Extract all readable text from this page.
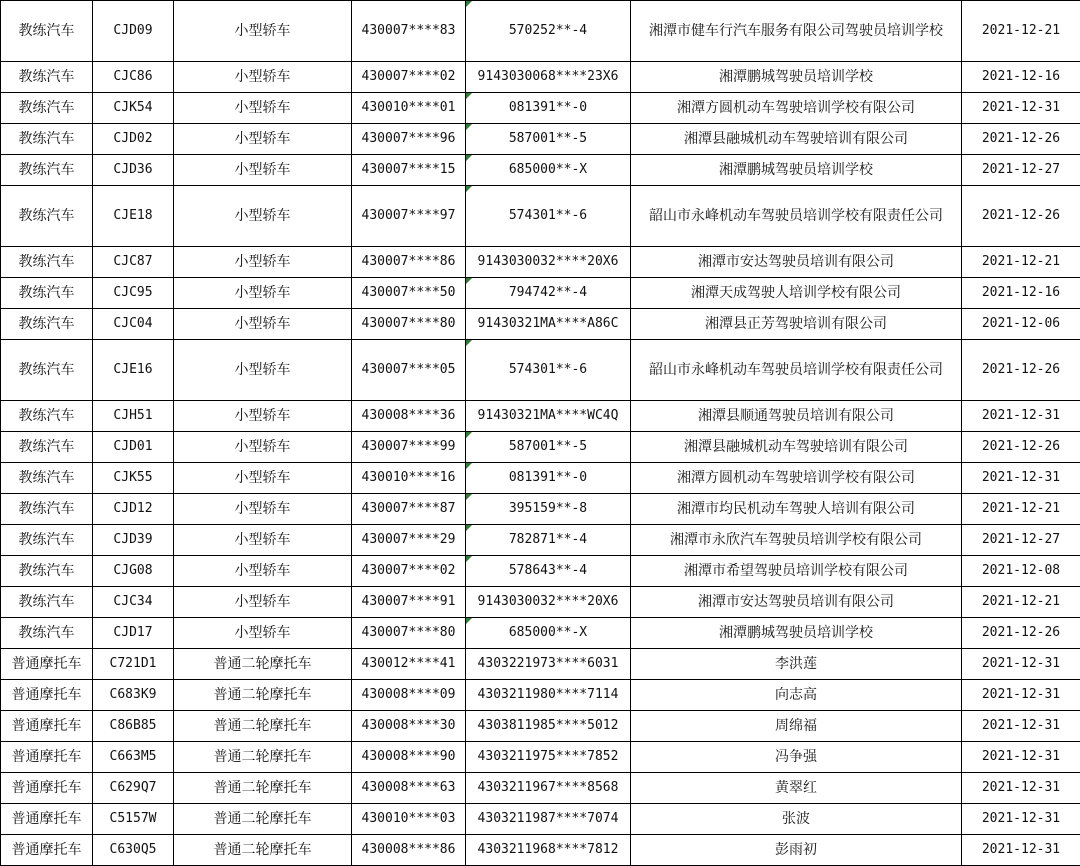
教练汽车	CJD09	小型轿车	430007****83	570252**-4	湘潭市健车行汽车服务有限公司驾驶员培训学校	2021-12-21
教练汽车	CJC86	小型轿车	430007****02	9143030068****23X6	湘潭鹏城驾驶员培训学校	2021-12-16
教练汽车	CJK54	小型轿车	430010****01	081391**-0	湘潭方圆机动车驾驶培训学校有限公司	2021-12-31
教练汽车	CJD02	小型轿车	430007****96	587001**-5	湘潭县融城机动车驾驶培训有限公司	2021-12-26
教练汽车	CJD36	小型轿车	430007****15	685000**-X	湘潭鹏城驾驶员培训学校	2021-12-27
教练汽车	CJE18	小型轿车	430007****97	574301**-6	韶山市永峰机动车驾驶员培训学校有限责任公司	2021-12-26
教练汽车	CJC87	小型轿车	430007****86	9143030032****20X6	湘潭市安达驾驶员培训有限公司	2021-12-21
教练汽车	CJC95	小型轿车	430007****50	794742**-4	湘潭天成驾驶人培训学校有限公司	2021-12-16
教练汽车	CJC04	小型轿车	430007****80	91430321MA****A86C	湘潭县正芳驾驶培训有限公司	2021-12-06
教练汽车	CJE16	小型轿车	430007****05	574301**-6	韶山市永峰机动车驾驶员培训学校有限责任公司	2021-12-26
教练汽车	CJH51	小型轿车	430008****36	91430321MA****WC4Q	湘潭县顺通驾驶员培训有限公司	2021-12-31
教练汽车	CJD01	小型轿车	430007****99	587001**-5	湘潭县融城机动车驾驶培训有限公司	2021-12-26
教练汽车	CJK55	小型轿车	430010****16	081391**-0	湘潭方圆机动车驾驶培训学校有限公司	2021-12-31
教练汽车	CJD12	小型轿车	430007****87	395159**-8	湘潭市均民机动车驾驶人培训有限公司	2021-12-21
教练汽车	CJD39	小型轿车	430007****29	782871**-4	湘潭市永欣汽车驾驶员培训学校有限公司	2021-12-27
教练汽车	CJG08	小型轿车	430007****02	578643**-4	湘潭市希望驾驶员培训学校有限公司	2021-12-08
教练汽车	CJC34	小型轿车	430007****91	9143030032****20X6	湘潭市安达驾驶员培训有限公司	2021-12-21
教练汽车	CJD17	小型轿车	430007****80	685000**-X	湘潭鹏城驾驶员培训学校	2021-12-26
普通摩托车	C721D1	普通二轮摩托车	430012****41	4303221973****6031	李洪莲	2021-12-31
普通摩托车	C683K9	普通二轮摩托车	430008****09	4303211980****7114	向志高	2021-12-31
普通摩托车	C86B85	普通二轮摩托车	430008****30	4303811985****5012	周绵福	2021-12-31
普通摩托车	C663M5	普通二轮摩托车	430008****90	4303211975****7852	冯争强	2021-12-31
普通摩托车	C629Q7	普通二轮摩托车	430008****63	4303211967****8568	黄翠红	2021-12-31
普通摩托车	C5157W	普通二轮摩托车	430010****03	4303211987****7074	张波	2021-12-31
普通摩托车	C630Q5	普通二轮摩托车	430008****86	4303211968****7812	彭雨初	2021-12-31
